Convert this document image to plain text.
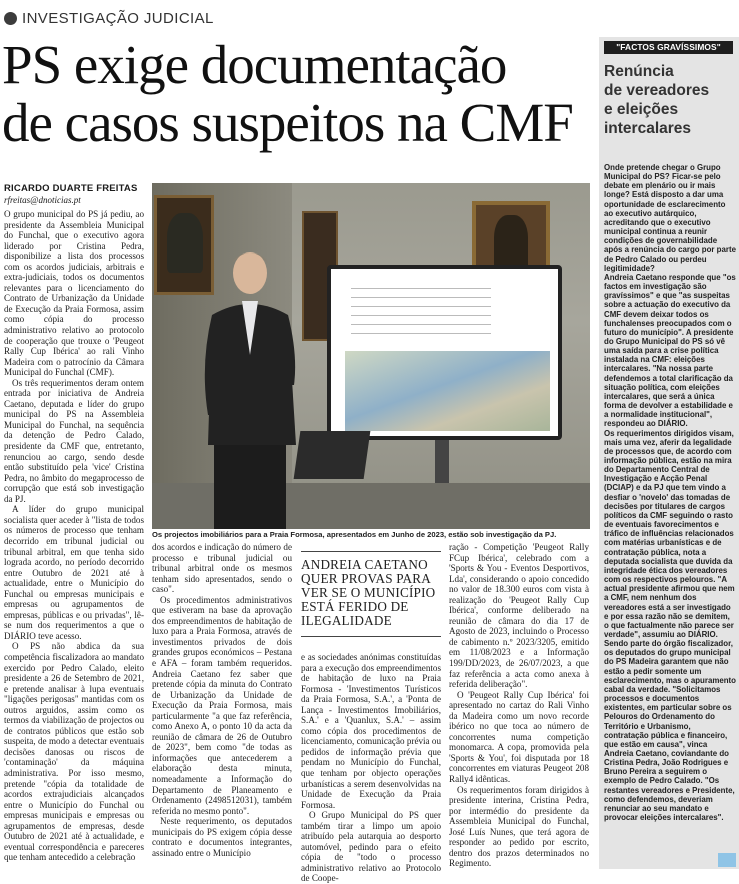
INVESTIGAÇÃO JUDICIAL
PS exige documentação
de casos suspeitos na CMF
RICARDO DUARTE FREITAS
rfreitas@dnoticias.pt

O grupo municipal do PS já pediu, ao presidente da Assembleia Municipal do Funchal, que o executivo agora liderado por Cristina Pedra, disponibilize a lista dos processos com os acordos judiciais, arbitrais e extra-judiciais, todos os documentos relevantes para o licenciamento do Contrato de Urbanização da Unidade de Execução da Praia Formosa, assim como cópia do processo administrativo relativo ao protocolo de cooperação que trouxe o 'Peugeot Rally Cup Ibérica' ao rali Vinho Madeira com o patrocínio da Câmara Municipal do Funchal (CMF).

Os três requerimentos deram ontem entrada por iniciativa de Andreia Caetano, deputada e líder do grupo municipal do PS na Assembleia Municipal do Funchal, na sequência da detenção de Pedro Calado, presidente da CMF que, entretanto, renunciou ao cargo, sendo desde então substituído pela 'vice' Cristina Pedra, no âmbito do megaprocesso de corrupção que está sob investigação da PJ.

A líder do grupo municipal socialista quer aceder à "lista de todos os números de processo que tenham decorrido em tribunal judicial ou tribunal arbitral, em que tenha sido lograda acordo, no período decorrido entre Outubro de 2021 até à actualidade, entre o Município do Funchal ou empresas municipais e empresas ou agrupamentos de empresas, públicas e ou privadas", lê-se num dos requerimentos a que o DIÁRIO teve acesso.

O PS não abdica da sua competência fiscalizadora ao mandato exercido por Pedro Calado, eleito presidente a 26 de Setembro de 2021, e pretende analisar à lupa eventuais "ligações perigosas" mantidas com os outros arguidos, assim como os termos da viabilização de projectos ou de contratos públicos que estão sob suspeita, de modo a detectar eventuais decisões danosas ou riscos de 'contaminação' da máquina administrativa. Por isso mesmo, pretende "cópia da totalidade de acordos extrajudiciais alcançados entre o Município do Funchal ou empresas municipais e empresas ou agrupamentos de empresas, desde Outubro de 2021 até à actualidade, e eventual correspondência e pareceres que tenham antecedido a celebração

Os projectos imobiliários para a Praia Formosa, apresentados em Junho de 2023, estão sob investigação da PJ.

dos acordos e indicação do número de processo e tribunal judicial ou tribunal arbitral onde os mesmos tenham sido apresentados, sendo o caso".

Os procedimentos administrativos que estiveram na base da aprovação dos empreendimentos de habitação de luxo para a Praia Formosa, através de investimentos privados de dois grandes grupos económicos – Pestana e AFA – foram também requeridos. Andreia Caetano fez saber que pretende cópia da minuta do Contrato de Urbanização da Unidade de Execução da Praia Formosa, mais particularmente "a que faz referência, como Anexo A, o ponto 10 da acta da reunião de câmara de 26 de Outubro de 2023", bem como "de todas as informações que antecederem a elaboração desta minuta, nomeadamente a Informação do Departamento de Planeamento e Ordenamento (2498512031), também referida no mesmo ponto".

Neste requerimento, os deputados municipais do PS exigem cópia desse contrato e documentos integrantes, assinado entre o Município

ANDREIA CAETANO QUER PROVAS PARA VER SE O MUNICÍPIO ESTÁ FERIDO DE ILEGALIDADE

e as sociedades anónimas constituídas para a execução dos empreendimentos de habitação de luxo na Praia Formosa - 'Investimentos Turísticos da Praia Formosa, S.A.', a 'Ponta de Lança - Investimentos Imobiliários, S.A.' e a 'Quanlux, S.A.' – assim como cópia dos procedimentos de licenciamento, comunicação prévia ou pedidos de informação prévia que pendam no Município do Funchal, que tenham por objecto operações urbanísticas a serem desenvolvidas na Unidade de Execução da Praia Formosa.

O Grupo Municipal do PS quer também tirar a limpo um apoio atribuído pela autarquia ao desporto automóvel, pedindo para o efeito cópia de "todo o processo administrativo relativo ao Protocolo de Coope-

ração - Competição 'Peugeot Rally FCup Ibérica', celebrado com a 'Sports & You - Eventos Desportivos, Lda', considerando o apoio concedido no valor de 18.300 euros com vista à realização do 'Peugeot Rally Cup Ibérica', conforme deliberado na reunião de câmara do dia 17 de Agosto de 2023, incluindo o Processo de cabimento n.º 2023/3205, emitido em 11/08/2023 e a Informação 199/DD/2023, de 26/07/2023, a que faz referência a acta como anexa à referida deliberação".

O 'Peugeot Rally Cup Ibérica' foi apresentado no cartaz do Rali Vinho da Madeira como um novo recorde ibérico no que toca ao número de concorrentes numa competição monomarca. A copa, promovida pela 'Sports & You', foi disputada por 18 concorrentes em viaturas Peugeot 208 Rally4 idênticas.

Os requerimentos foram dirigidos à presidente interina, Cristina Pedra, por intermédio do presidente da Assembleia Municipal do Funchal, José Luís Nunes, que terá agora de responder ao pedido por escrito, dentro dos prazos determinados no Regimento.

"FACTOS GRAVÍSSIMOS"
Renúncia
de vereadores
e eleições
intercalares

Onde pretende chegar o Grupo Municipal do PS? Ficar-se pelo debate em plenário ou ir mais longe? Está disposto a dar uma oportunidade de esclarecimento ao executivo autárquico, acreditando que o executivo municipal continua a reunir condições de governabilidade após a renúncia do cargo por parte de Pedro Calado ou perdeu legitimidade?

Andreia Caetano responde que "os factos em investigação são gravíssimos" e que "as suspeitas sobre a actuação do executivo da CMF devem deixar todos os funchalenses preocupados com o futuro do município". A presidente do Grupo Municipal do PS só vê uma saída para a crise política instalada na CMF: eleições intercalares. "Na nossa parte defendemos a total clarificação da situação política, com eleições intercalares, que será a única forma de devolver a estabilidade e a normalidade institucional", respondeu ao DIÁRIO.

Os requerimentos dirigidos visam, mais uma vez, aferir da legalidade de processos que, de acordo com informação pública, estão na mira do Departamento Central de Investigação e Acção Penal (DCIAP) e da PJ que tem vindo a desfiar o 'novelo' das tomadas de decisões por titulares de cargos políticos da CMF seguindo o rasto de eventuais favorecimentos e tráfico de influências relacionados com matérias urbanísticas e de contratação pública, nota a deputada socialista que duvida da integridade ética dos vereadores com os respectivos pelouros. "A actual presidente afirmou que nem a CMF, nem nenhum dos vereadores está a ser investigado e por essa razão não se demitem, o que factualmente não parece ser verdade", assumiu ao DIÁRIO.

Sendo parte do órgão fiscalizador, os deputados do grupo municipal do PS Madeira garantem que não estão a pedir somente um esclarecimento, mas o apuramento cabal da verdade. "Solicitamos processos e documentos existentes, em particular sobre os Pelouros do Ordenamento do Território e Urbanismo, contratação pública e financeiro, que estão em causa", vinca Andreia Caetano, coviandante do Cristina Pedra, João Rodrigues e Bruno Pereira a seguirem o exemplo de Pedro Calado. "Os restantes vereadores e Presidente, como defendemos, deveriam renunciar ao seu mandato e provocar eleições intercalares".
